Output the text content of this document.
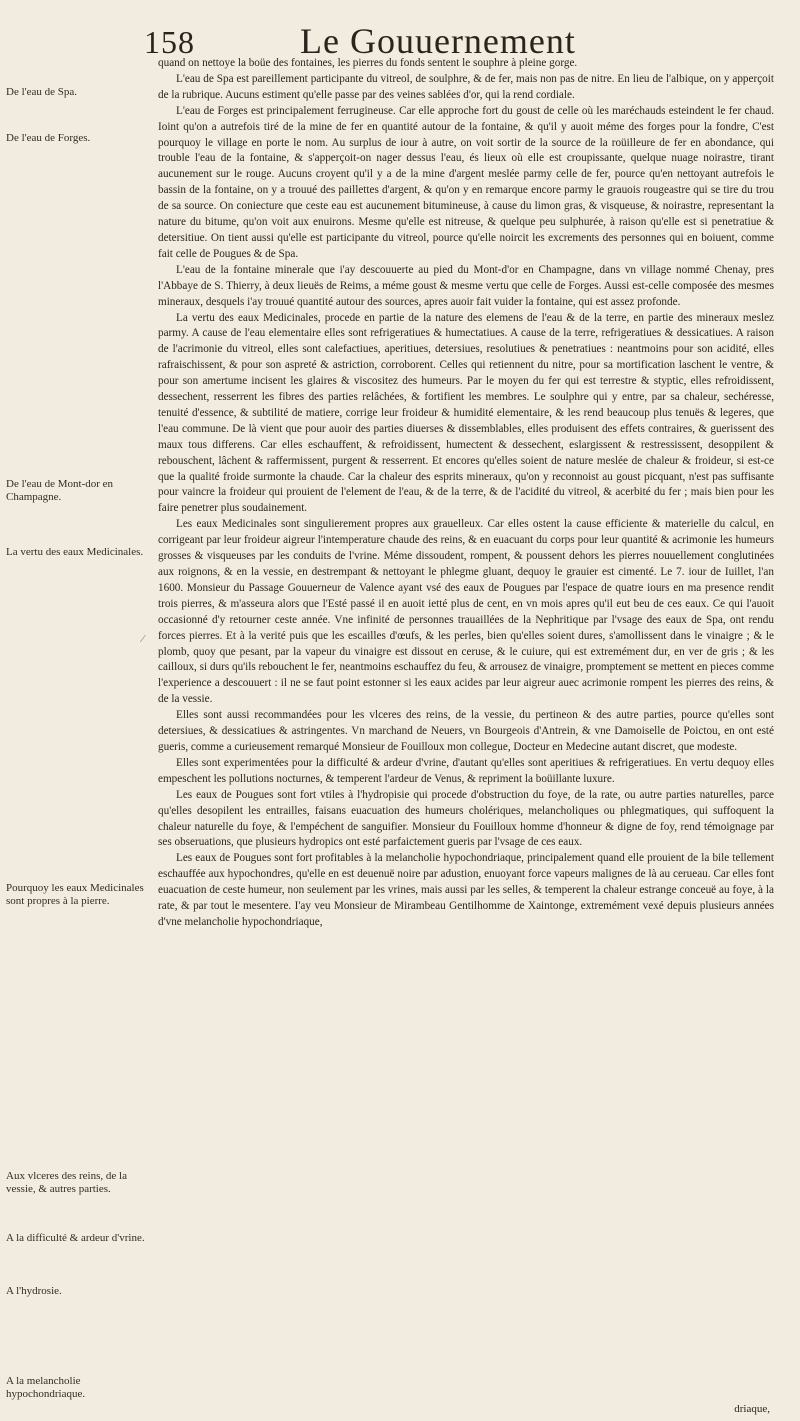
158	Le Gouuernement
De l'eau de Spa.
De l'eau de Forges.
De l'eau de Mont-dor en Champagne.
La vertu des eaux Medicinales.
Pourquoy les eaux Medicinales sont propres à la pierre.
Aux vlceres des reins, de la vessie, & autres parties.
A la difficulté & ardeur d'vrine.
A l'hydrosie.
A la melancholie hypochondriaque.
⁄

quand on nettoye la boüe des fontaines, les pierres du fonds sentent le souphre à pleine gorge.

L'eau de Spa est pareillement participante du vitreol, de soulphre, & de fer, mais non pas de nitre. En lieu de l'albique, on y apperçoit de la rubrique. Aucuns estiment qu'elle passe par des veines sablées d'or, qui la rend cordiale.

L'eau de Forges est principalement ferrugineuse. Car elle approche fort du goust de celle où les maréchauds esteindent le fer chaud. Ioint qu'on a autrefois tiré de la mine de fer en quantité autour de la fontaine, & qu'il y auoit méme des forges pour la fondre, C'est pourquoy le village en porte le nom. Au surplus de iour à autre, on voit sortir de la source de la roüilleure de fer en abondance, qui trouble l'eau de la fontaine, & s'apperçoit-on nager dessus l'eau, és lieux où elle est croupissante, quelque nuage noirastre, tirant aucunement sur le rouge. Aucuns croyent qu'il y a de la mine d'argent meslée parmy celle de fer, pource qu'en nettoyant autrefois le bassin de la fontaine, on y a trouué des paillettes d'argent, & qu'on y en remarque encore parmy le grauois rougeastre qui se tire du trou de sa source. On coniecture que ceste eau est aucunement bitumineuse, à cause du limon gras, & visqueuse, & noirastre, representant la nature du bitume, qu'on voit aux enuirons. Mesme qu'elle est nitreuse, & quelque peu sulphurée, à raison qu'elle est si penetratiue & detersitiue. On tient aussi qu'elle est participante du vitreol, pource qu'elle noircit les excrements des personnes qui en boiuent, comme fait celle de Pougues & de Spa.

L'eau de la fontaine minerale que i'ay descouuerte au pied du Mont-d'or en Champagne, dans vn village nommé Chenay, pres l'Abbaye de S. Thierry, à deux lieuës de Reims, a méme goust & mesme vertu que celle de Forges. Aussi est-celle composée des mesmes mineraux, desquels i'ay trouué quantité autour des sources, apres auoir fait vuider la fontaine, qui est assez profonde.

La vertu des eaux Medicinales, procede en partie de la nature des elemens de l'eau & de la terre, en partie des mineraux meslez parmy. A cause de l'eau elementaire elles sont refrigeratiues & humectatiues. A cause de la terre, refrigeratiues & dessicatiues. A raison de l'acrimonie du vitreol, elles sont calefactiues, aperitiues, detersiues, resolutiues & penetratiues : neantmoins pour son acidité, elles rafraischissent, & pour son aspreté & astriction, corroborent. Celles qui retiennent du nitre, pour sa mortification laschent le ventre, & pour son amertume incisent les glaires & viscositez des humeurs. Par le moyen du fer qui est terrestre & styptic, elles refroidissent, dessechent, resserrent les fibres des parties relâchées, & fortifient les membres. Le soulphre qui y entre, par sa chaleur, sechéresse, tenuité d'essence, & subtilité de matiere, corrige leur froideur & humidité elementaire, & les rend beaucoup plus tenuës & legeres, que l'eau commune. De là vient que pour auoir des parties diuerses & dissemblables, elles produisent des effets contraires, & guerissent des maux tous differens. Car elles eschauffent, & refroidissent, humectent & dessechent, eslargissent & restressissent, desoppilent & rebouschent, lâchent & raffermissent, purgent & resserrent. Et encores qu'elles soient de nature meslée de chaleur & froideur, si est-ce que la qualité froide surmonte la chaude. Car la chaleur des esprits mineraux, qu'on y reconnoist au goust picquant, n'est pas suffisante pour vaincre la froideur qui prouient de l'element de l'eau, & de la terre, & de l'acidité du vitreol, & acerbité du fer ; mais bien pour les faire penetrer plus soudainement.

Les eaux Medicinales sont singulierement propres aux grauelleux. Car elles ostent la cause efficiente & materielle du calcul, en corrigeant par leur froideur aigreur l'intemperature chaude des reins, & en euacuant du corps pour leur quantité & acrimonie les humeurs grosses & visqueuses par les conduits de l'vrine. Méme dissoudent, rompent, & poussent dehors les pierres nouuellement conglutinées aux roignons, & en la vessie, en destrempant & nettoyant le phlegme gluant, dequoy le grauier est cimenté. Le 7. iour de Iuillet, l'an 1600. Monsieur du Passage Gouuerneur de Valence ayant vsé des eaux de Pougues par l'espace de quatre iours en ma presence rendit trois pierres, & m'asseura alors que l'Esté passé il en auoit ietté plus de cent, en vn mois apres qu'il eut beu de ces eaux. Ce qui l'auoit occasionné d'y retourner ceste année. Vne infinité de personnes trauaillées de la Nephritique par l'vsage des eaux de Spa, ont rendu forces pierres. Et à la verité puis que les escailles d'œufs, & les perles, bien qu'elles soient dures, s'amollissent dans le vinaigre ; & le plomb, quoy que pesant, par la vapeur du vinaigre est dissout en ceruse, & le cuiure, qui est extremément dur, en ver de gris ; & les cailloux, si durs qu'ils rebouchent le fer, neantmoins eschauffez du feu, & arrousez de vinaigre, promptement se mettent en pieces comme l'experience a descouuert : il ne se faut point estonner si les eaux acides par leur aigreur auec acrimonie rompent les pierres des reins, & de la vessie.

Elles sont aussi recommandées pour les vlceres des reins, de la vessie, du pertineon & des autre parties, pource qu'elles sont detersiues, & dessicatiues & astringentes. Vn marchand de Neuers, vn Bourgeois d'Antrein, & vne Damoiselle de Poictou, en ont esté gueris, comme a curieusement remarqué Monsieur de Fouilloux mon collegue, Docteur en Medecine autant discret, que modeste.

Elles sont experimentées pour la difficulté & ardeur d'vrine, d'autant qu'elles sont aperitiues & refrigeratiues. En vertu dequoy elles empeschent les pollutions nocturnes, & temperent l'ardeur de Venus, & repriment la boüillante luxure.

Les eaux de Pougues sont fort vtiles à l'hydropisie qui procede d'obstruction du foye, de la rate, ou autre parties naturelles, parce qu'elles desopilent les entrailles, faisans euacuation des humeurs cholériques, melancholiques ou phlegmatiques, qui suffoquent la chaleur naturelle du foye, & l'empéchent de sanguifier. Monsieur du Fouilloux homme d'honneur & digne de foy, rend témoignage par ses obseruations, que plusieurs hydropics ont esté parfaictement gueris par l'vsage de ces eaux.

Les eaux de Pougues sont fort profitables à la melancholie hypochondriaque, principalement quand elle prouient de la bile tellement eschauffée aux hypochondres, qu'elle en est deuenuë noire par adustion, enuoyant force vapeurs malignes de là au cerueau. Car elles font euacuation de ceste humeur, non seulement par les vrines, mais aussi par les selles, & temperent la chaleur estrange conceuë au foye, à la rate, & par tout le mesentere. I'ay veu Monsieur de Mirambeau Gentilhomme de Xaintonge, extremément vexé depuis plusieurs années d'vne melancholie hypochondriaque,

driaque,
